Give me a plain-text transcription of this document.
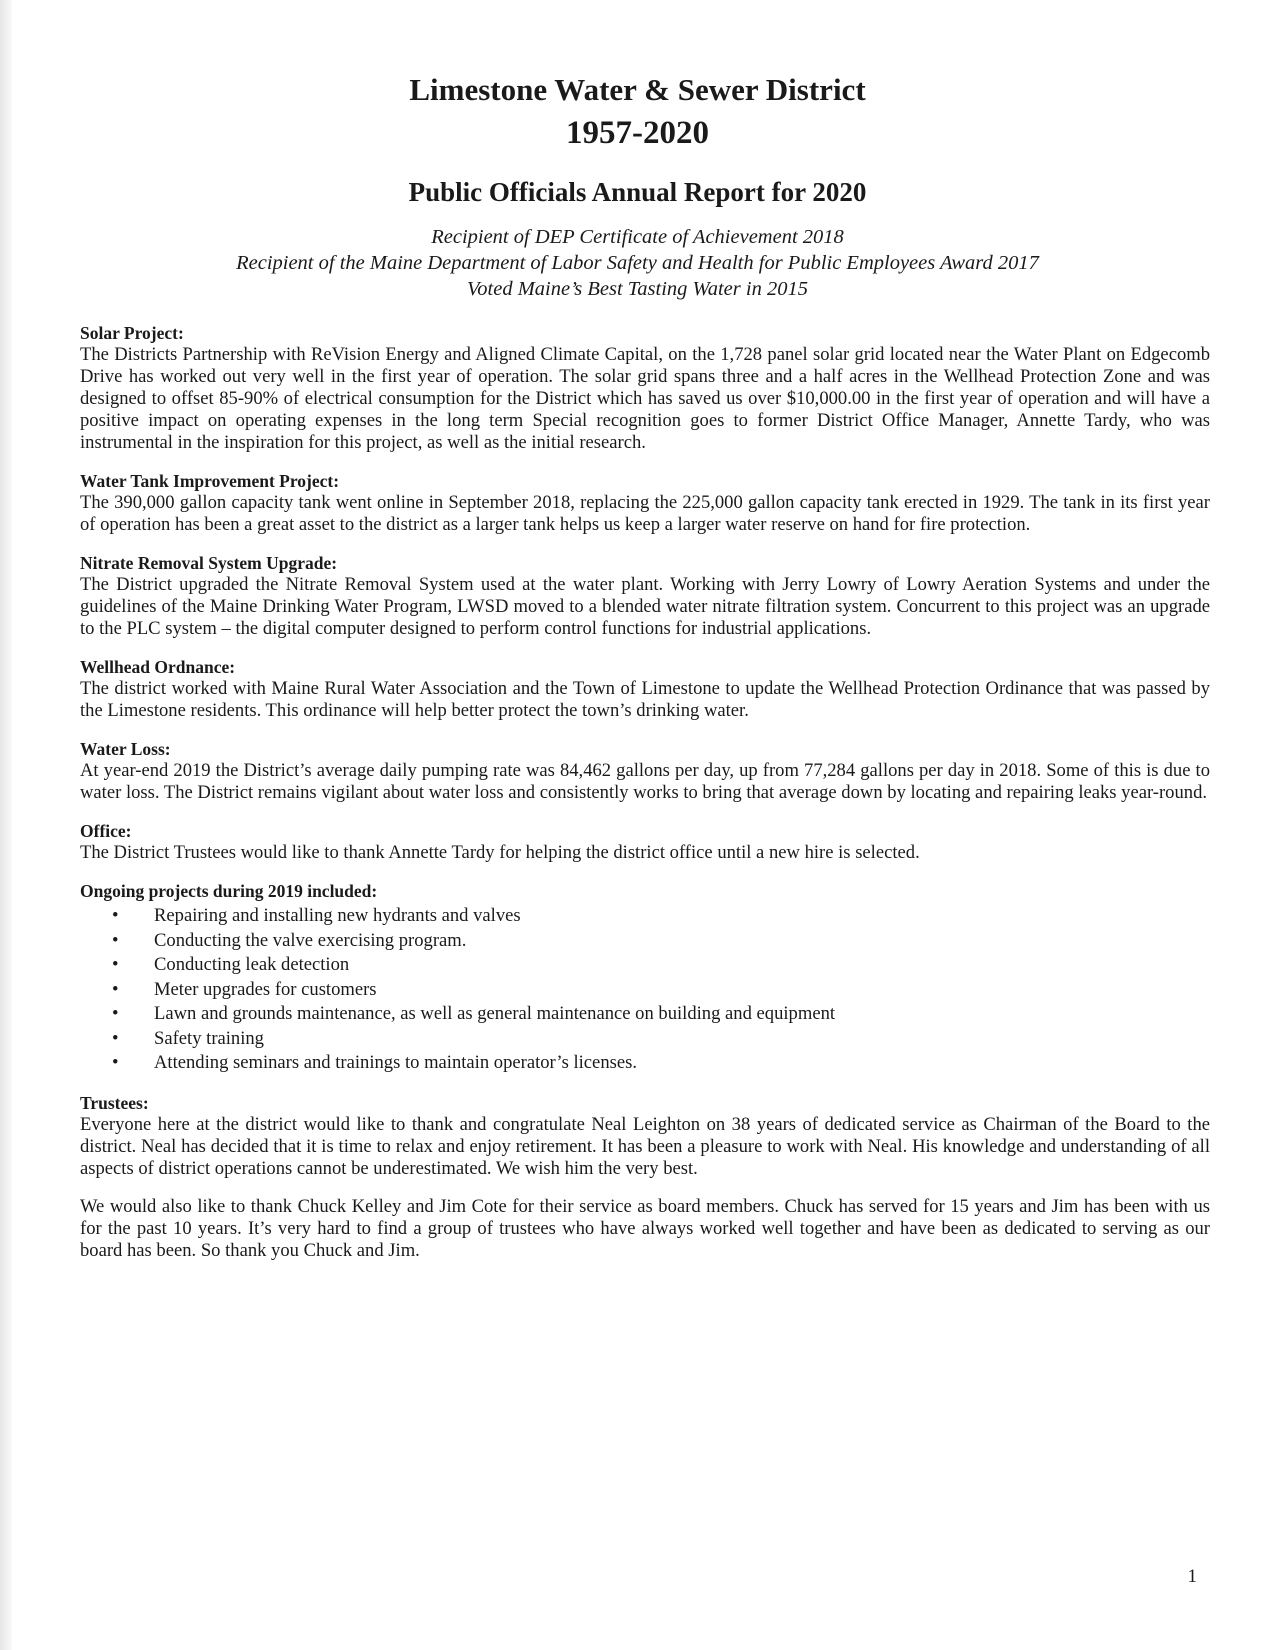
Limestone Water & Sewer District
1957-2020
Public Officials Annual Report for 2020
Recipient of DEP Certificate of Achievement 2018
Recipient of the Maine Department of Labor Safety and Health for Public Employees Award 2017
Voted Maine’s Best Tasting Water in 2015

Solar Project:

The Districts Partnership with ReVision Energy and Aligned Climate Capital, on the 1,728 panel solar grid located near the Water Plant on Edgecomb Drive has worked out very well in the first year of operation. The solar grid spans three and a half acres in the Wellhead Protection Zone and was designed to offset 85-90% of electrical consumption for the District which has saved us over $10,000.00 in the first year of operation and will have a positive impact on operating expenses in the long term Special recognition goes to former District Office Manager, Annette Tardy, who was instrumental in the inspiration for this project, as well as the initial research.

Water Tank Improvement Project:

The 390,000 gallon capacity tank went online in September 2018, replacing the 225,000 gallon capacity tank erected in 1929. The tank in its first year of operation has been a great asset to the district as a larger tank helps us keep a larger water reserve on hand for fire protection.

Nitrate Removal System Upgrade:

The District upgraded the Nitrate Removal System used at the water plant. Working with Jerry Lowry of Lowry Aeration Systems and under the guidelines of the Maine Drinking Water Program, LWSD moved to a blended water nitrate filtration system. Concurrent to this project was an upgrade to the PLC system – the digital computer designed to perform control functions for industrial applications.

Wellhead Ordnance:

The district worked with Maine Rural Water Association and the Town of Limestone to update the Wellhead Protection Ordinance that was passed by the Limestone residents. This ordinance will help better protect the town’s drinking water.

Water Loss:

At year-end 2019 the District’s average daily pumping rate was 84,462 gallons per day, up from 77,284 gallons per day in 2018. Some of this is due to water loss. The District remains vigilant about water loss and consistently works to bring that average down by locating and repairing leaks year-round.

Office:

The District Trustees would like to thank Annette Tardy for helping the district office until a new hire is selected.

Ongoing projects during 2019 included:

• Repairing and installing new hydrants and valves
• Conducting the valve exercising program.
• Conducting leak detection
• Meter upgrades for customers
• Lawn and grounds maintenance, as well as general maintenance on building and equipment
• Safety training
• Attending seminars and trainings to maintain operator’s licenses.

Trustees:

Everyone here at the district would like to thank and congratulate Neal Leighton on 38 years of dedicated service as Chairman of the Board to the district. Neal has decided that it is time to relax and enjoy retirement. It has been a pleasure to work with Neal. His knowledge and understanding of all aspects of district operations cannot be underestimated. We wish him the very best.

We would also like to thank Chuck Kelley and Jim Cote for their service as board members. Chuck has served for 15 years and Jim has been with us for the past 10 years. It’s very hard to find a group of trustees who have always worked well together and have been as dedicated to serving as our board has been. So thank you Chuck and Jim.

1
